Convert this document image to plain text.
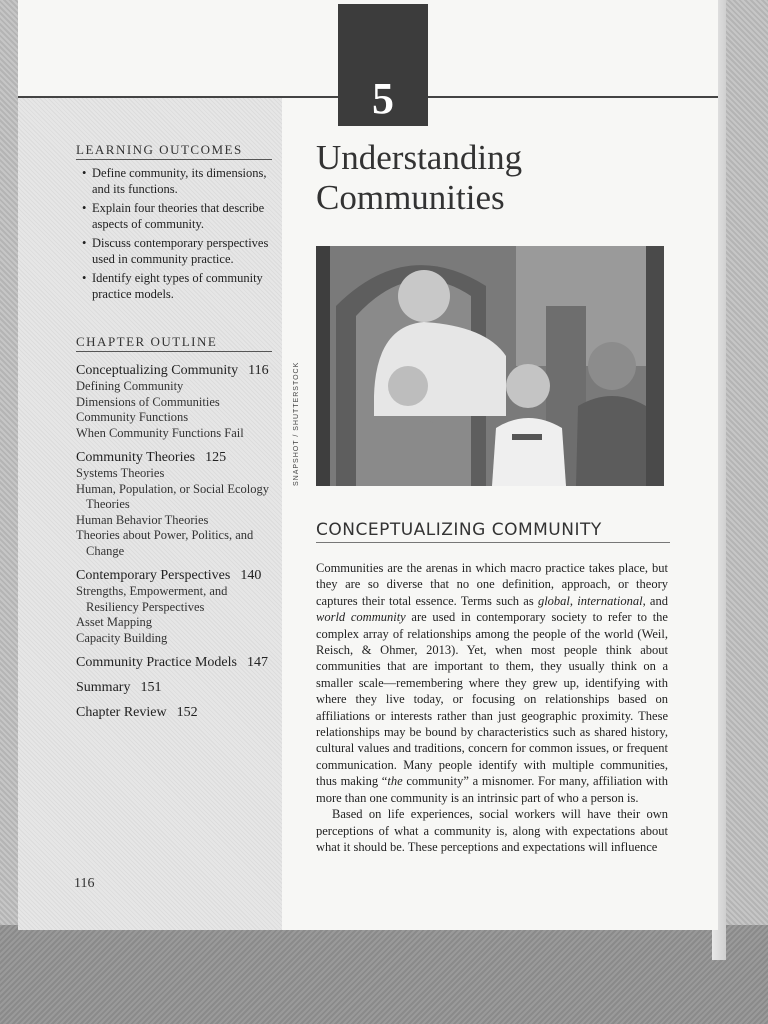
5
Understanding
Communities
LEARNING OUTCOMES
• Define community, its dimensions, and its functions.
• Explain four theories that describe aspects of community.
• Discuss contemporary perspectives used in community practice.
• Identify eight types of community practice models.
CHAPTER OUTLINE
Conceptualizing Community 116
Defining Community
Dimensions of Communities
Community Functions
When Community Functions Fail
Community Theories 125
Systems Theories
Human, Population, or Social Ecology Theories
Human Behavior Theories
Theories about Power, Politics, and Change
Contemporary Perspectives 140
Strengths, Empowerment, and Resiliency Perspectives
Asset Mapping
Capacity Building
Community Practice Models 147
Summary 151
Chapter Review 152
116
SNAPSHOT / SHUTTERSTOCK
CONCEPTUALIZING COMMUNITY

Communities are the arenas in which macro practice takes place, but they are so diverse that no one definition, approach, or theory captures their total essence. Terms such as global, international, and world community are used in contemporary society to refer to the complex array of relationships among the people of the world (Weil, Reisch, & Ohmer, 2013). Yet, when most people think about communities that are important to them, they usually think on a smaller scale—remembering where they grew up, identifying with where they live today, or focusing on relationships based on affiliations or interests rather than just geographic proximity. These relationships may be bound by characteristics such as shared history, cultural values and traditions, concern for common issues, or frequent communication. Many people identify with multiple communities, thus making “the community” a misnomer. For many, affiliation with more than one community is an intrinsic part of who a person is.

Based on life experiences, social workers will have their own perceptions of what a community is, along with expectations about what it should be. These perceptions and expectations will influence
